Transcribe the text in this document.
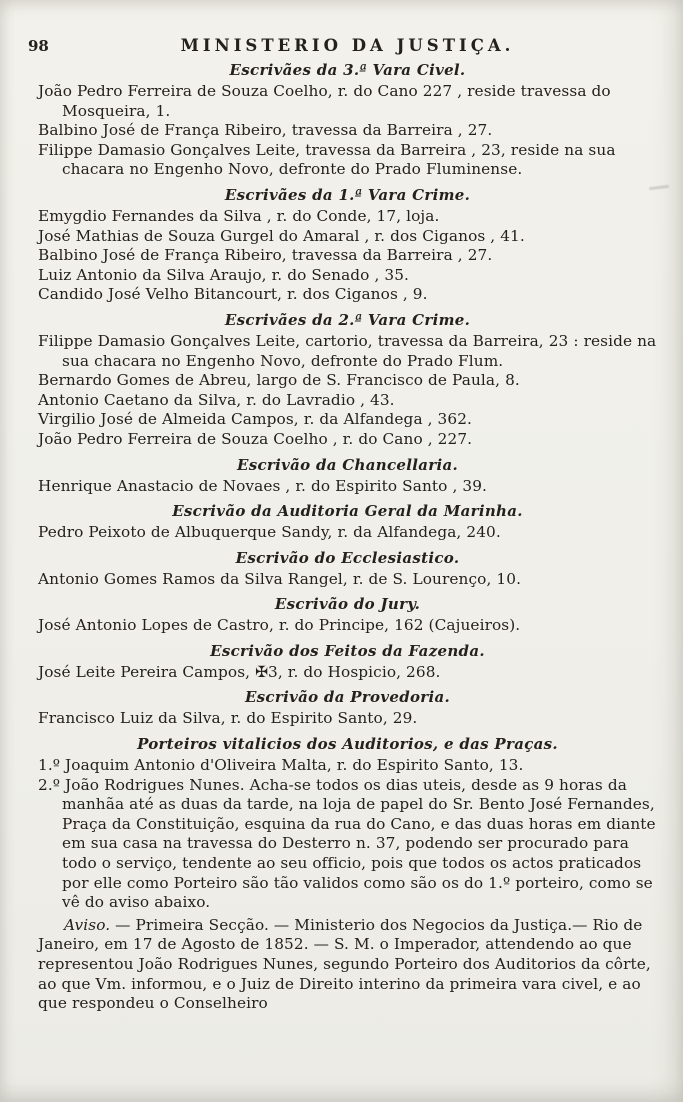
98	MINISTERIO DA JUSTIÇA.

Escrivães da 3.ª Vara Civel.

João Pedro Ferreira de Souza Coelho, r. do Cano 227 , reside travessa do Mosqueira, 1.

Balbino José de França Ribeiro, travessa da Barreira , 27.

Filippe Damasio Gonçalves Leite, travessa da Barreira , 23, reside na sua chacara no Engenho Novo, defronte do Prado Fluminense.

Escrivães da 1.ª Vara Crime.

Emygdio Fernandes da Silva , r. do Conde, 17, loja.

José Mathias de Souza Gurgel do Amaral , r. dos Ciganos , 41.

Balbino José de França Ribeiro, travessa da Barreira , 27.

Luiz Antonio da Silva Araujo, r. do Senado , 35.

Candido José Velho Bitancourt, r. dos Ciganos , 9.

Escrivães da 2.ª Vara Crime.

Filippe Damasio Gonçalves Leite, cartorio, travessa da Barreira, 23 : reside na sua chacara no Engenho Novo, defronte do Prado Flum.

Bernardo Gomes de Abreu, largo de S. Francisco de Paula, 8.

Antonio Caetano da Silva, r. do Lavradio , 43.

Virgilio José de Almeida Campos, r. da Alfandega , 362.

João Pedro Ferreira de Souza Coelho , r. do Cano , 227.

Escrivão da Chancellaria.

Henrique Anastacio de Novaes , r. do Espirito Santo , 39.

Escrivão da Auditoria Geral da Marinha.

Pedro Peixoto de Albuquerque Sandy, r. da Alfandega, 240.

Escrivão do Ecclesiastico.

Antonio Gomes Ramos da Silva Rangel, r. de S. Lourenço, 10.

Escrivão do Jury.

José Antonio Lopes de Castro, r. do Principe, 162 (Cajueiros).

Escrivão dos Feitos da Fazenda.

José Leite Pereira Campos, ✠3, r. do Hospicio, 268.

Escrivão da Provedoria.

Francisco Luiz da Silva, r. do Espirito Santo, 29.

Porteiros vitalicios dos Auditorios, e das Praças.

1.º Joaquim Antonio d'Oliveira Malta, r. do Espirito Santo, 13.

2.º João Rodrigues Nunes. Acha-se todos os dias uteis, desde as 9 horas da manhãa até as duas da tarde, na loja de papel do Sr. Bento José Fernandes, Praça da Constituição, esquina da rua do Cano, e das duas horas em diante em sua casa na travessa do Desterro n. 37, podendo ser procurado para todo o serviço, tendente ao seu officio, pois que todos os actos praticados por elle como Porteiro são tão validos como são os do 1.º porteiro, como se vê do aviso abaixo.

Aviso. — Primeira Secção. — Ministerio dos Negocios da Justiça.— Rio de Janeiro, em 17 de Agosto de 1852. — S. M. o Imperador, attendendo ao que representou João Rodrigues Nunes, segundo Porteiro dos Auditorios da côrte, ao que Vm. informou, e o Juiz de Direito interino da primeira vara civel, e ao que respondeu o Conselheiro
